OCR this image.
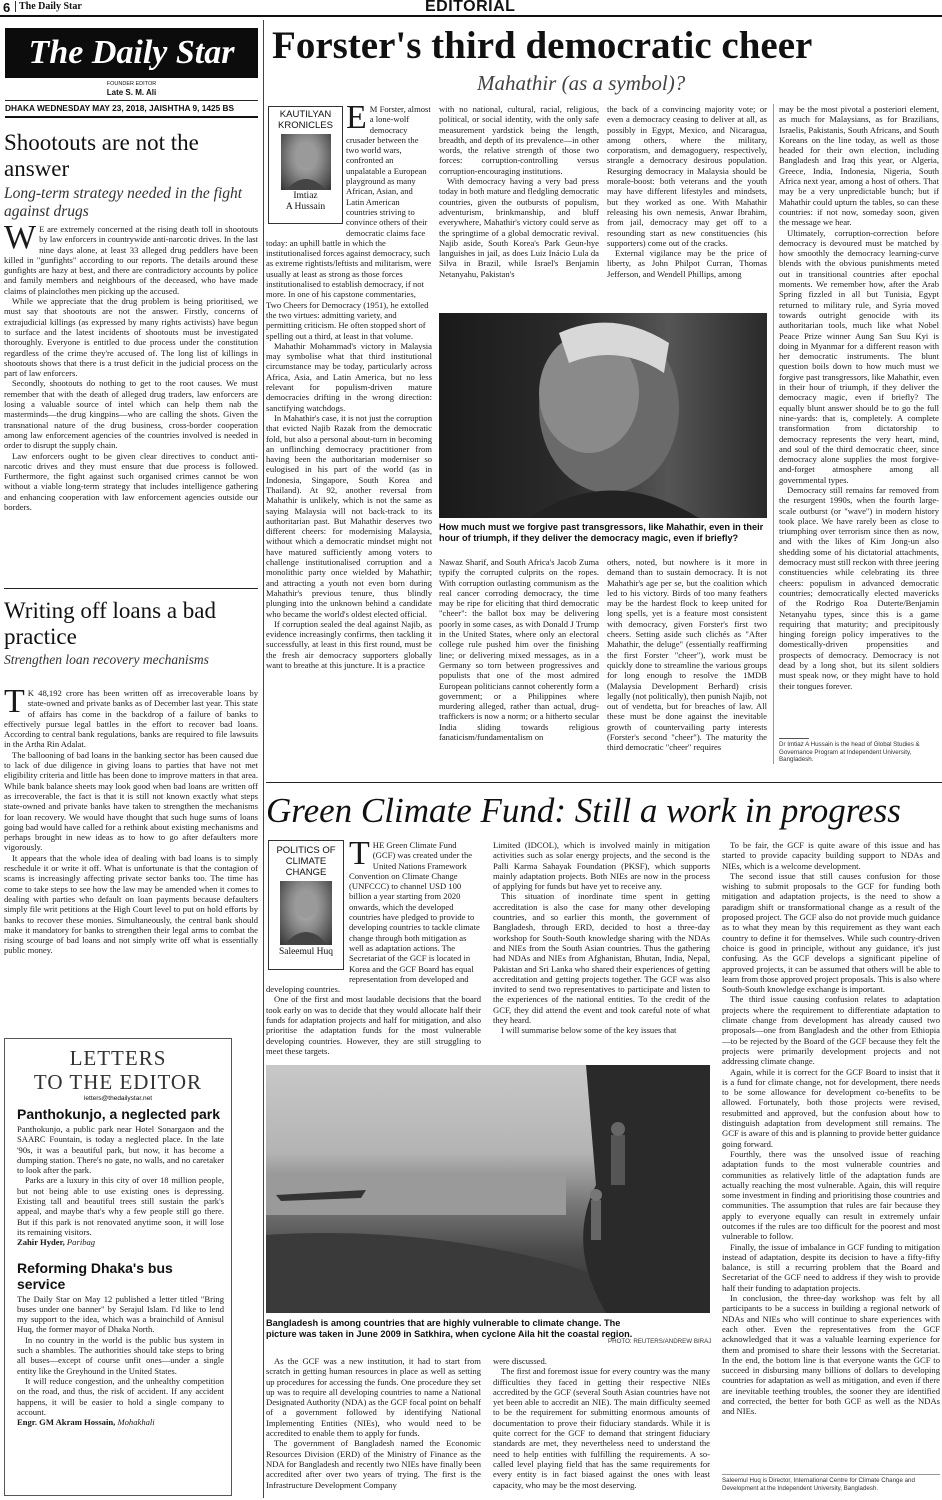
6 The Daily Star	EDITORIAL
The Daily Star
FOUNDER EDITOR
Late S. M. Ali
DHAKA WEDNESDAY MAY 23, 2018, JAISHTHA 9, 1425 BS
Shootouts are not the answer
Long-term strategy needed in the fight against drugs

WE are extremely concerned at the rising death toll in shootouts by law enforcers in countrywide anti-narcotic drives. In the last nine days alone, at least 33 alleged drug peddlers have been killed in "gunfights" according to our reports. The details around these gunfights are hazy at best, and there are contradictory accounts by police and family members and neighbours of the deceased, who have made claims of plainclothes men picking up the accused.

While we appreciate that the drug problem is being prioritised, we must say that shootouts are not the answer. Firstly, concerns of extrajudicial killings (as expressed by many rights activists) have begun to surface and the latest incidents of shootouts must be investigated thoroughly. Everyone is entitled to due process under the constitution regardless of the crime they're accused of. The long list of killings in shootouts shows that there is a trust deficit in the judicial process on the part of law enforcers.

Secondly, shootouts do nothing to get to the root causes. We must remember that with the death of alleged drug traders, law enforcers are losing a valuable source of intel which can help them nab the masterminds—the drug kingpins—who are calling the shots. Given the transnational nature of the drug business, cross-border cooperation among law enforcement agencies of the countries involved is needed in order to disrupt the supply chain.

Law enforcers ought to be given clear directives to conduct anti-narcotic drives and they must ensure that due process is followed. Furthermore, the fight against such organised crimes cannot be won without a viable long-term strategy that includes intelligence gathering and enhancing cooperation with law enforcement agencies outside our borders.

Writing off loans a bad practice
Strengthen loan recovery mechanisms

TK 48,192 crore has been written off as irrecoverable loans by state-owned and private banks as of December last year. This state of affairs has come in the backdrop of a failure of banks to effectively pursue legal battles in the effort to recover bad loans. According to central bank regulations, banks are required to file lawsuits in the Artha Rin Adalat.

The ballooning of bad loans in the banking sector has been caused due to lack of due diligence in giving loans to parties that have not met eligibility criteria and little has been done to improve matters in that area. While bank balance sheets may look good when bad loans are written off as irrecoverable, the fact is that it is still not known exactly what steps state-owned and private banks have taken to strengthen the mechanisms for loan recovery. We would have thought that such huge sums of loans going bad would have called for a rethink about existing mechanisms and perhaps brought in new ideas as to how to go after defaulters more vigorously.

It appears that the whole idea of dealing with bad loans is to simply reschedule it or write it off. What is unfortunate is that the contagion of scams is increasingly affecting private sector banks too. The time has come to take steps to see how the law may be amended when it comes to dealing with parties who default on loan payments because defaulters simply file writ petitions at the High Court level to put on hold efforts by banks to recover these monies. Simultaneously, the central bank should make it mandatory for banks to strengthen their legal arms to combat the rising scourge of bad loans and not simply write off what is essentially public money.

LETTERS
TO THE EDITOR
letters@thedailystar.net
Panthokunjo, a neglected park

Panthokunjo, a public park near Hotel Sonargaon and the SAARC Fountain, is today a neglected place. In the late '90s, it was a beautiful park, but now, it has become a dumping station. There's no gate, no walls, and no caretaker to look after the park.

Parks are a luxury in this city of over 18 million people, but not being able to use existing ones is depressing. Existing tall and beautiful trees still sustain the park's appeal, and maybe that's why a few people still go there. But if this park is not renovated anytime soon, it will lose its remaining visitors.

Zahir Hyder, Paribag
Reforming Dhaka's bus service

The Daily Star on May 12 published a letter titled "Bring buses under one banner" by Serajul Islam. I'd like to lend my support to the idea, which was a brainchild of Annisul Huq, the former mayor of Dhaka North.

In no country in the world is the public bus system in such a shambles. The authorities should take steps to bring all buses—except of course unfit ones—under a single entity like the Greyhound in the United States.

It will reduce congestion, and the unhealthy competition on the road, and thus, the risk of accident. If any accident happens, it will be easier to hold a single company to account.

Engr. GM Akram Hossain, Mohakhali
Forster's third democratic cheer
Mahathir (as a symbol)?
KAUTILYAN KRONICLES
Imtiaz
A Hussain

EM Forster, almost a lone-wolf democracy crusader between the two world wars, confronted an unpalatable a European playground as many African, Asian, and Latin American countries striving to convince others of their democratic claims face today: an uphill battle in which the institutionalised forces against democracy, such as extreme rightists/leftists and militarism, were usually at least as strong as those forces institutionalised to establish democracy, if not more. In one of his capstone commentaries, Two Cheers for Democracy (1951), he extolled the two virtues: admitting variety, and permitting criticism. He often stopped short of spelling out a third, at least in that volume.

Mahathir Mohammad's victory in Malaysia may symbolise what that third institutional circumstance may be today, particularly across Africa, Asia, and Latin America, but no less relevant for populism-driven mature democracies drifting in the wrong direction: sanctifying watchdogs.

In Mahathir's case, it is not just the corruption that evicted Najib Razak from the democratic fold, but also a personal about-turn in becoming an unflinching democracy practitioner from having been the authoritarian moderniser so eulogised in his part of the world (as in Indonesia, Singapore, South Korea and Thailand). At 92, another reversal from Mahathir is unlikely, which is not the same as saying Malaysia will not back-track to its authoritarian past. But Mahathir deserves two different cheers: for modernising Malaysia, without which a democratic mindset might not have matured sufficiently among voters to challenge institutionalised corruption and a monolithic party once wielded by Mahathir; and attracting a youth not even born during Mahathir's previous tenure, thus blindly plunging into the unknown behind a candidate who became the world's oldest elected official.

If corruption sealed the deal against Najib, as evidence increasingly confirms, then tackling it successfully, at least in this first round, must be the fresh air democracy supporters globally want to breathe at this juncture. It is a practice

with no national, cultural, racial, religious, political, or social identity, with the only safe measurement yardstick being the length, breadth, and depth of its prevalence—in other words, the relative strength of those two forces: corruption-controlling versus corruption-encouraging institutions.

With democracy having a very bad press today in both mature and fledgling democratic countries, given the outbursts of populism, adventurism, brinkmanship, and bluff everywhere, Mahathir's victory could serve as the springtime of a global democratic revival. Najib aside, South Korea's Park Geun-hye languishes in jail, as does Luiz Inácio Lula da Silva in Brazil, while Israel's Benjamin Netanyahu, Pakistan's

the back of a convincing majority vote; or even a democracy ceasing to deliver at all, as possibly in Egypt, Mexico, and Nicaragua, among others, where the military, corporatism, and demagoguery, respectively, strangle a democracy desirous population. Resurging democracy in Malaysia should be morale-boost: both veterans and the youth may have different lifestyles and mindsets, but they worked as one. With Mahathir releasing his own nemesis, Anwar Ibrahim, from jail, democracy may get off to a resounding start as new constituencies (his supporters) come out of the cracks.

External vigilance may be the price of liberty, as John Philpot Curran, Thomas Jefferson, and Wendell Phillips, among

How much must we forgive past transgressors, like Mahathir, even in their hour of triumph, if they deliver the democracy magic, even if briefly?

Nawaz Sharif, and South Africa's Jacob Zuma typify the corrupted culprits on the ropes. With corruption outlasting communism as the real cancer corroding democracy, the time may be ripe for eliciting that third democratic "cheer": the ballot box may be delivering poorly in some cases, as with Donald J Trump in the United States, where only an electoral college rule pushed him over the finishing line; or delivering mixed messages, as in a Germany so torn between progressives and populists that one of the most admired European politicians cannot coherently form a government; or a Philippines where murdering alleged, rather than actual, drug-traffickers is now a norm; or a hitherto secular India sliding towards religious fanaticism/fundamentalism on

others, noted, but nowhere is it more in demand than to sustain democracy. It is not Mahathir's age per se, but the coalition which led to his victory. Birds of too many feathers may be the hardest flock to keep united for long spells, yet is a feature most consistent with democracy, given Forster's first two cheers. Setting aside such clichés as "After Mahathir, the deluge" (essentially reaffirming the first Forster "cheer"), work must be quickly done to streamline the various groups for long enough to resolve the 1MDB (Malaysia Development Berhard) crisis legally (not politically), then punish Najib, not out of vendetta, but for breaches of law. All these must be done against the inevitable growth of countervailing party interests (Forster's second "cheer"). The maturity the third democratic "cheer" requires

may be the most pivotal a posteriori element, as much for Malaysians, as for Brazilians, Israelis, Pakistanis, South Africans, and South Koreans on the line today, as well as those headed for their own election, including Bangladesh and Iraq this year, or Algeria, Greece, India, Indonesia, Nigeria, South Africa next year, among a host of others. That may be a very unpredictable bunch; but if Mahathir could upturn the tables, so can these countries: if not now, someday soon, given the message we hear.

Ultimately, corruption-correction before democracy is devoured must be matched by how smoothly the democracy learning-curve blends with the obvious punishments meted out in transitional countries after epochal moments. We remember how, after the Arab Spring fizzled in all but Tunisia, Egypt returned to military rule, and Syria moved towards outright genocide with its authoritarian tools, much like what Nobel Peace Prize winner Aung San Suu Kyi is doing in Myanmar for a different reason with her democratic instruments. The blunt question boils down to how much must we forgive past transgressors, like Mahathir, even in their hour of triumph, if they deliver the democracy magic, even if briefly? The equally blunt answer should be to go the full nine-yards: that is, completely. A complete transformation from dictatorship to democracy represents the very heart, mind, and soul of the third democratic cheer, since democracy alone supplies the most forgive-and-forget atmosphere among all governmental types.

Democracy still remains far removed from the resurgent 1990s, when the fourth large-scale outburst (or "wave") in modern history took place. We have rarely been as close to triumphing over terrorism since then as now, and with the likes of Kim Jong-un also shedding some of his dictatorial attachments, democracy must still reckon with three jeering constituencies while celebrating its three cheers: populism in advanced democratic countries; democratically elected mavericks of the Rodrigo Roa Duterte/Benjamin Netanyahu types, since this is a game requiring that maturity; and precipitously hinging foreign policy imperatives to the domestically-driven propensities and prospects of democracy. Democracy is not dead by a long shot, but its silent soldiers must speak now, or they might have to hold their tongues forever.

Dr Imtiaz A Hussain is the head of Global Studies & Governance Program at Independent University, Bangladesh.
Green Climate Fund: Still a work in progress
POLITICS OF CLIMATE CHANGE
Saleemul Huq

THE Green Climate Fund (GCF) was created under the United Nations Framework Convention on Climate Change (UNFCCC) to channel USD 100 billion a year starting from 2020 onwards, which the developed countries have pledged to provide to developing countries to tackle climate change through both mitigation as well as adaptation actions. The Secretariat of the GCF is located in Korea and the GCF Board has equal representation from developed and developing countries.

One of the first and most laudable decisions that the board took early on was to decide that they would allocate half their funds for adaptation projects and half for mitigation, and also prioritise the adaptation funds for the most vulnerable developing countries. However, they are still struggling to meet these targets.

Limited (IDCOL), which is involved mainly in mitigation activities such as solar energy projects, and the second is the Palli Karma Sahayak Foundation (PKSF), which supports mainly adaptation projects. Both NIEs are now in the process of applying for funds but have yet to receive any.

This situation of inordinate time spent in getting accreditation is also the case for many other developing countries, and so earlier this month, the government of Bangladesh, through ERD, decided to host a three-day workshop for South-South knowledge sharing with the NDAs and NIEs from the South Asian countries. Thus the gathering had NDAs and NIEs from Afghanistan, Bhutan, India, Nepal, Pakistan and Sri Lanka who shared their experiences of getting accreditation and getting projects together. The GCF was also invited to send two representatives to participate and listen to the experiences of the national entities. To the credit of the GCF, they did attend the event and took careful note of what they heard.

I will summarise below some of the key issues that

Bangladesh is among countries that are highly vulnerable to climate change. The picture was taken in June 2009 in Satkhira, when cyclone Aila hit the coastal region.
PHOTO: REUTERS/ANDREW BIRAJ

As the GCF was a new institution, it had to start from scratch in getting human resources in place as well as setting up procedures for accessing the funds. One procedure they set up was to require all developing countries to name a National Designated Authority (NDA) as the GCF focal point on behalf of a government followed by identifying National Implementing Entities (NIEs), who would need to be accredited to enable them to apply for funds.

The government of Bangladesh named the Economic Resources Division (ERD) of the Ministry of Finance as the NDA for Bangladesh and recently two NIEs have finally been accredited after over two years of trying. The first is the Infrastructure Development Company

were discussed.

The first and foremost issue for every country was the many difficulties they faced in getting their respective NIEs accredited by the GCF (several South Asian countries have not yet been able to accredit an NIE). The main difficulty seemed to be the requirement for submitting enormous amounts of documentation to prove their fiduciary standards. While it is quite correct for the GCF to demand that stringent fiduciary standards are met, they nevertheless need to understand the need to help entities with fulfilling the requirements. A so-called level playing field that has the same requirements for every entity is in fact biased against the ones with least capacity, who may be the most deserving.

To be fair, the GCF is quite aware of this issue and has started to provide capacity building support to NDAs and NIEs, which is a welcome development.

The second issue that still causes confusion for those wishing to submit proposals to the GCF for funding both mitigation and adaptation projects, is the need to show a paradigm shift or transformational change as a result of the proposed project. The GCF also do not provide much guidance as to what they mean by this requirement as they want each country to define it for themselves. While such country-driven choice is good in principle, without any guidance, it's just confusing. As the GCF develops a significant pipeline of approved projects, it can be assumed that others will be able to learn from those approved project proposals. This is also where South-South knowledge exchange is important.

The third issue causing confusion relates to adaptation projects where the requirement to differentiate adaptation to climate change from development has already caused two proposals—one from Bangladesh and the other from Ethiopia—to be rejected by the Board of the GCF because they felt the projects were primarily development projects and not addressing climate change.

Again, while it is correct for the GCF Board to insist that it is a fund for climate change, not for development, there needs to be some allowance for development co-benefits to be allowed. Fortunately, both those projects were revised, resubmitted and approved, but the confusion about how to distinguish adaptation from development still remains. The GCF is aware of this and is planning to provide better guidance going forward.

Fourthly, there was the unsolved issue of reaching adaptation funds to the most vulnerable countries and communities as relatively little of the adaptation funds are actually reaching the most vulnerable. Again, this will require some investment in finding and prioritising those countries and communities. The assumption that rules are fair because they apply to everyone equally can result in extremely unfair outcomes if the rules are too difficult for the poorest and most vulnerable to follow.

Finally, the issue of imbalance in GCF funding to mitigation instead of adaptation, despite its decision to have a fifty-fifty balance, is still a recurring problem that the Board and Secretariat of the GCF need to address if they wish to provide half their funding to adaptation projects.

In conclusion, the three-day workshop was felt by all participants to be a success in building a regional network of NDAs and NIEs who will continue to share experiences with each other. Even the representatives from the GCF acknowledged that it was a valuable learning experience for them and promised to share their lessons with the Secretariat. In the end, the bottom line is that everyone wants the GCF to succeed in disbursing many billions of dollars to developing countries for adaptation as well as mitigation, and even if there are inevitable teething troubles, the sooner they are identified and corrected, the better for both GCF as well as the NDAs and NIEs.

Saleemul Huq is Director, International Centre for Climate Change and Development at the Independent University, Bangladesh.
